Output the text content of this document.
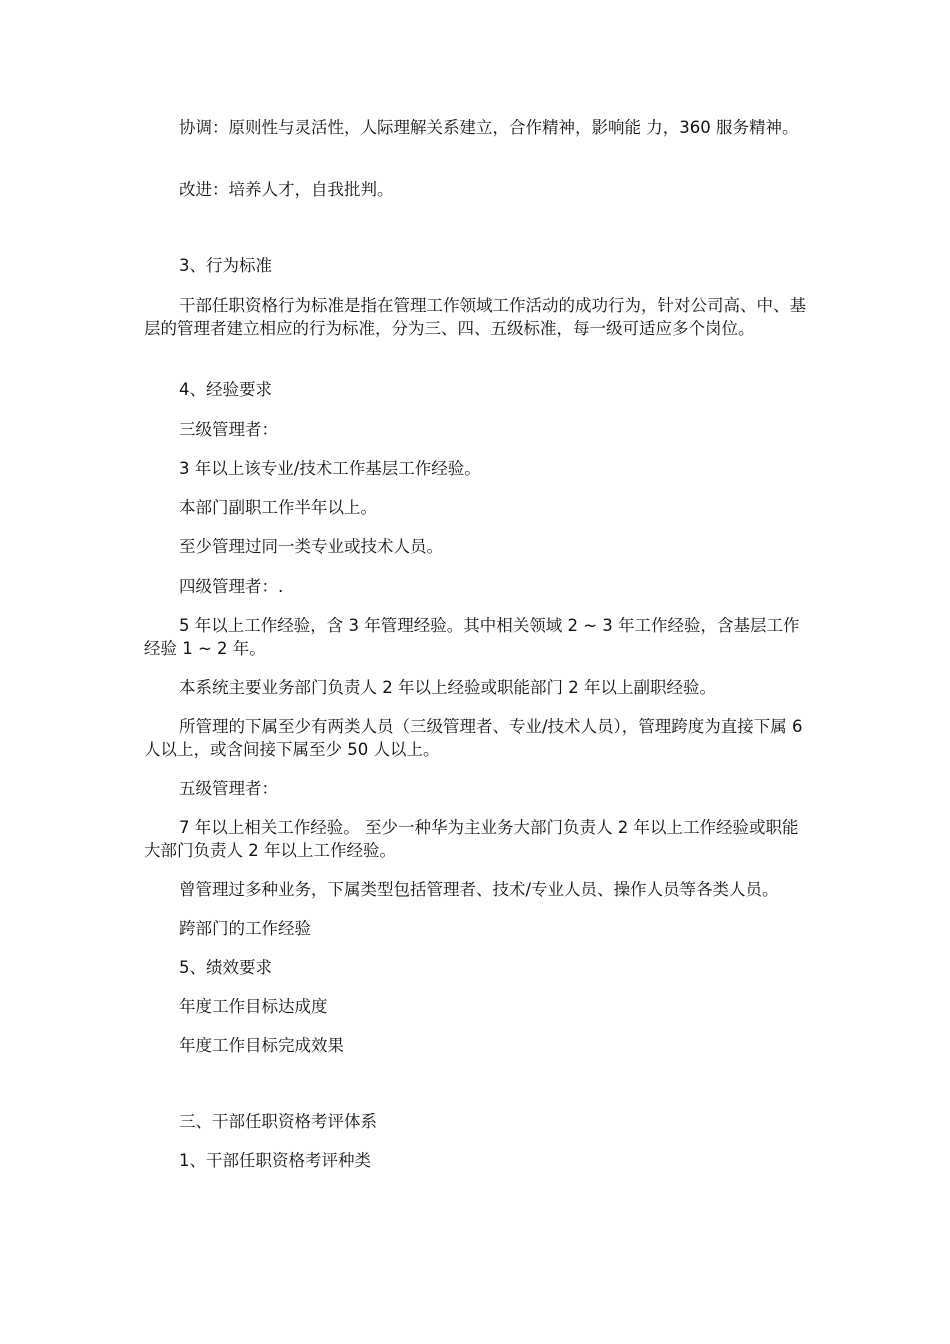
协调：原则性与灵活性，人际理解关系建立，合作精神，影响能 力，360 服务精神。

改进：培养人才，自我批判。

3、行为标准

干部任职资格行为标准是指在管理工作领域工作活动的成功行为，针对公司高、中、基层的管理者建立相应的行为标准，分为三、四、五级标准，每一级可适应多个岗位。

4、经验要求

三级管理者：

3 年以上该专业/技术工作基层工作经验。

本部门副职工作半年以上。

至少管理过同一类专业或技术人员。

四级管理者：.

5 年以上工作经验，含 3 年管理经验。其中相关领域 2 ~ 3 年工作经验，含基层工作经验 1 ~ 2 年。

本系统主要业务部门负责人 2 年以上经验或职能部门 2 年以上副职经验。

所管理的下属至少有两类人员（三级管理者、专业/技术人员），管理跨度为直接下属 6 人以上，或含间接下属至少 50 人以上。

五级管理者：

7 年以上相关工作经验。 至少一种华为主业务大部门负责人 2 年以上工作经验或职能大部门负责人 2 年以上工作经验。

曾管理过多种业务，下属类型包括管理者、技术/专业人员、操作人员等各类人员。

跨部门的工作经验

5、绩效要求

年度工作目标达成度

年度工作目标完成效果

三、干部任职资格考评体系

1、干部任职资格考评种类
